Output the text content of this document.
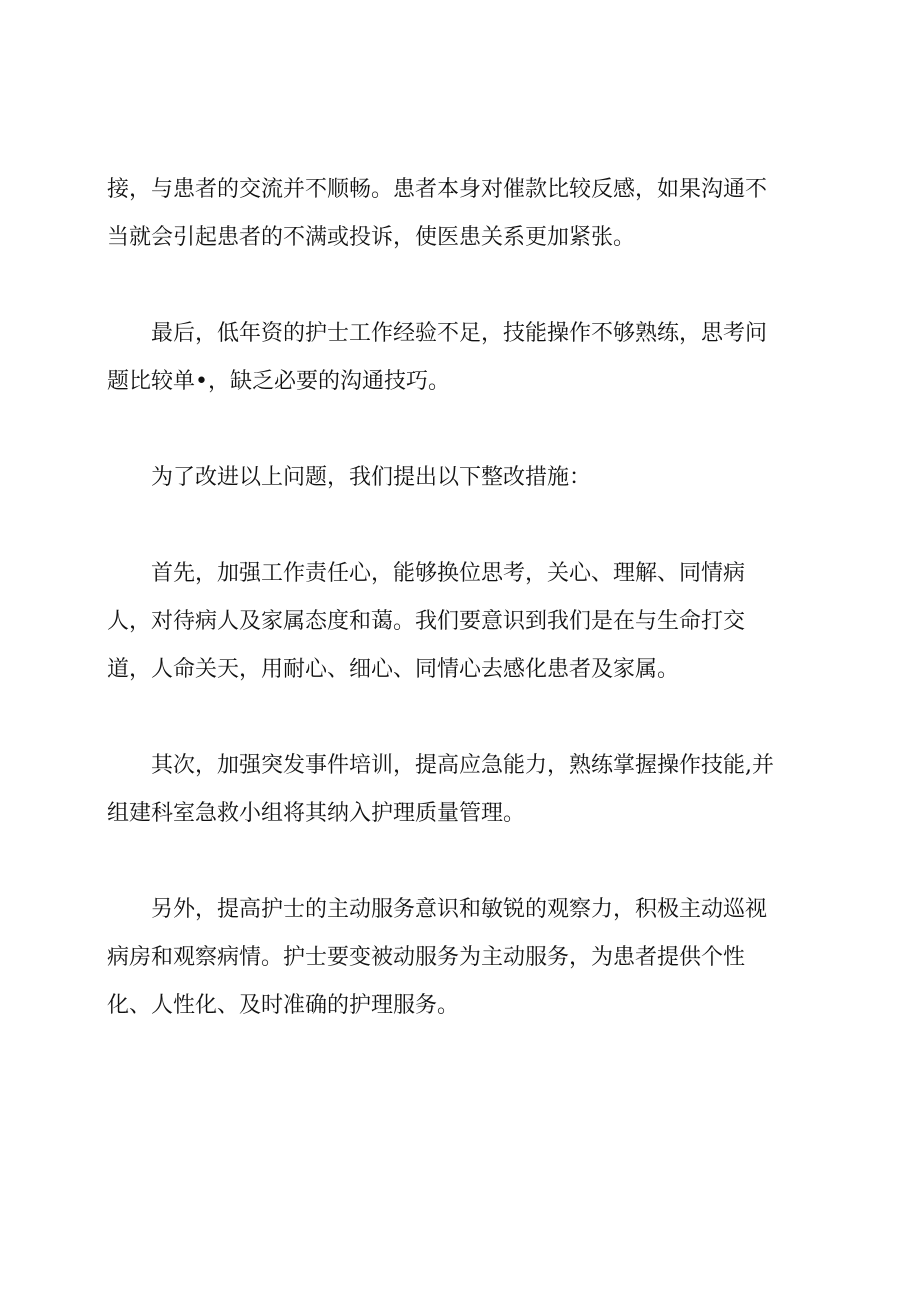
接，与患者的交流并不顺畅。患者本身对催款比较反感，如果沟通不
当就会引起患者的不满或投诉，使医患关系更加紧张。

最后，低年资的护士工作经验不足，技能操作不够熟练，思考问
题比较单•，缺乏必要的沟通技巧。

为了改进以上问题，我们提出以下整改措施：

首先，加强工作责任心，能够换位思考，关心、理解、同情病
人，对待病人及家属态度和蔼。我们要意识到我们是在与生命打交
道，人命关天，用耐心、细心、同情心去感化患者及家属。

其次，加强突发事件培训，提高应急能力，熟练掌握操作技能,并
组建科室急救小组将其纳入护理质量管理。

另外，提高护士的主动服务意识和敏锐的观察力，积极主动巡视
病房和观察病情。护士要变被动服务为主动服务，为患者提供个性
化、人性化、及时准确的护理服务。
